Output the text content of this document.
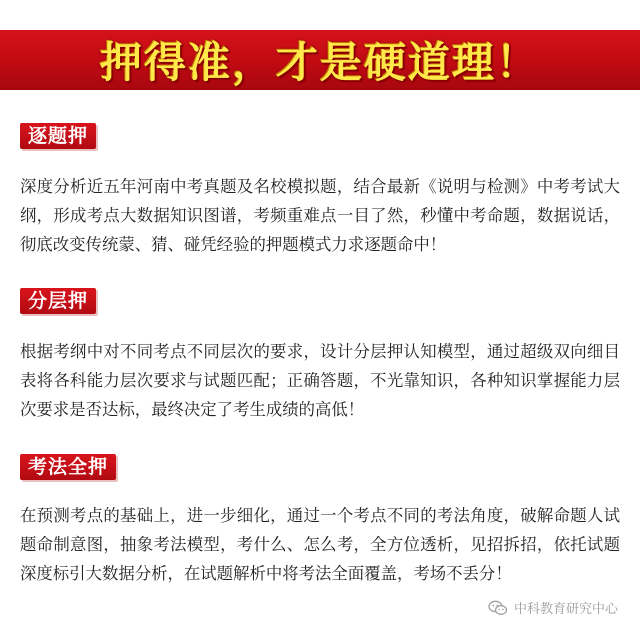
押得准，才是硬道理！
逐题押

深度分析近五年河南中考真题及名校模拟题，结合最新《说明与检测》中考考试大纲，形成考点大数据知识图谱，考频重难点一目了然，秒懂中考命题，数据说话，彻底改变传统蒙、猜、碰凭经验的押题模式力求逐题命中！

分层押

根据考纲中对不同考点不同层次的要求，设计分层押认知模型，通过超级双向细目表将各科能力层次要求与试题匹配；正确答题，不光靠知识，各种知识掌握能力层次要求是否达标，最终决定了考生成绩的高低！

考法全押

在预测考点的基础上，进一步细化，通过一个考点不同的考法角度，破解命题人试题命制意图，抽象考法模型，考什么、怎么考，全方位透析，见招拆招，依托试题深度标引大数据分析，在试题解析中将考法全面覆盖，考场不丢分！

中科教育研究中心
